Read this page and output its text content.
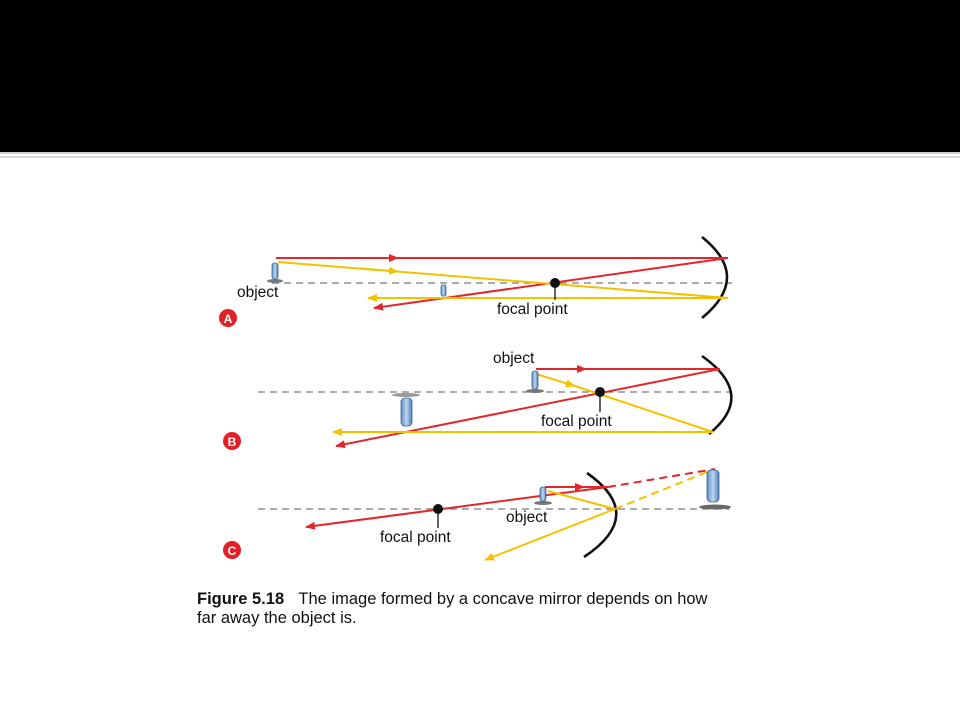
object
focal point
A
object
focal point
B
object
focal point
C
Figure 5.18 The image formed by a concave mirror depends on how far away the object is.
